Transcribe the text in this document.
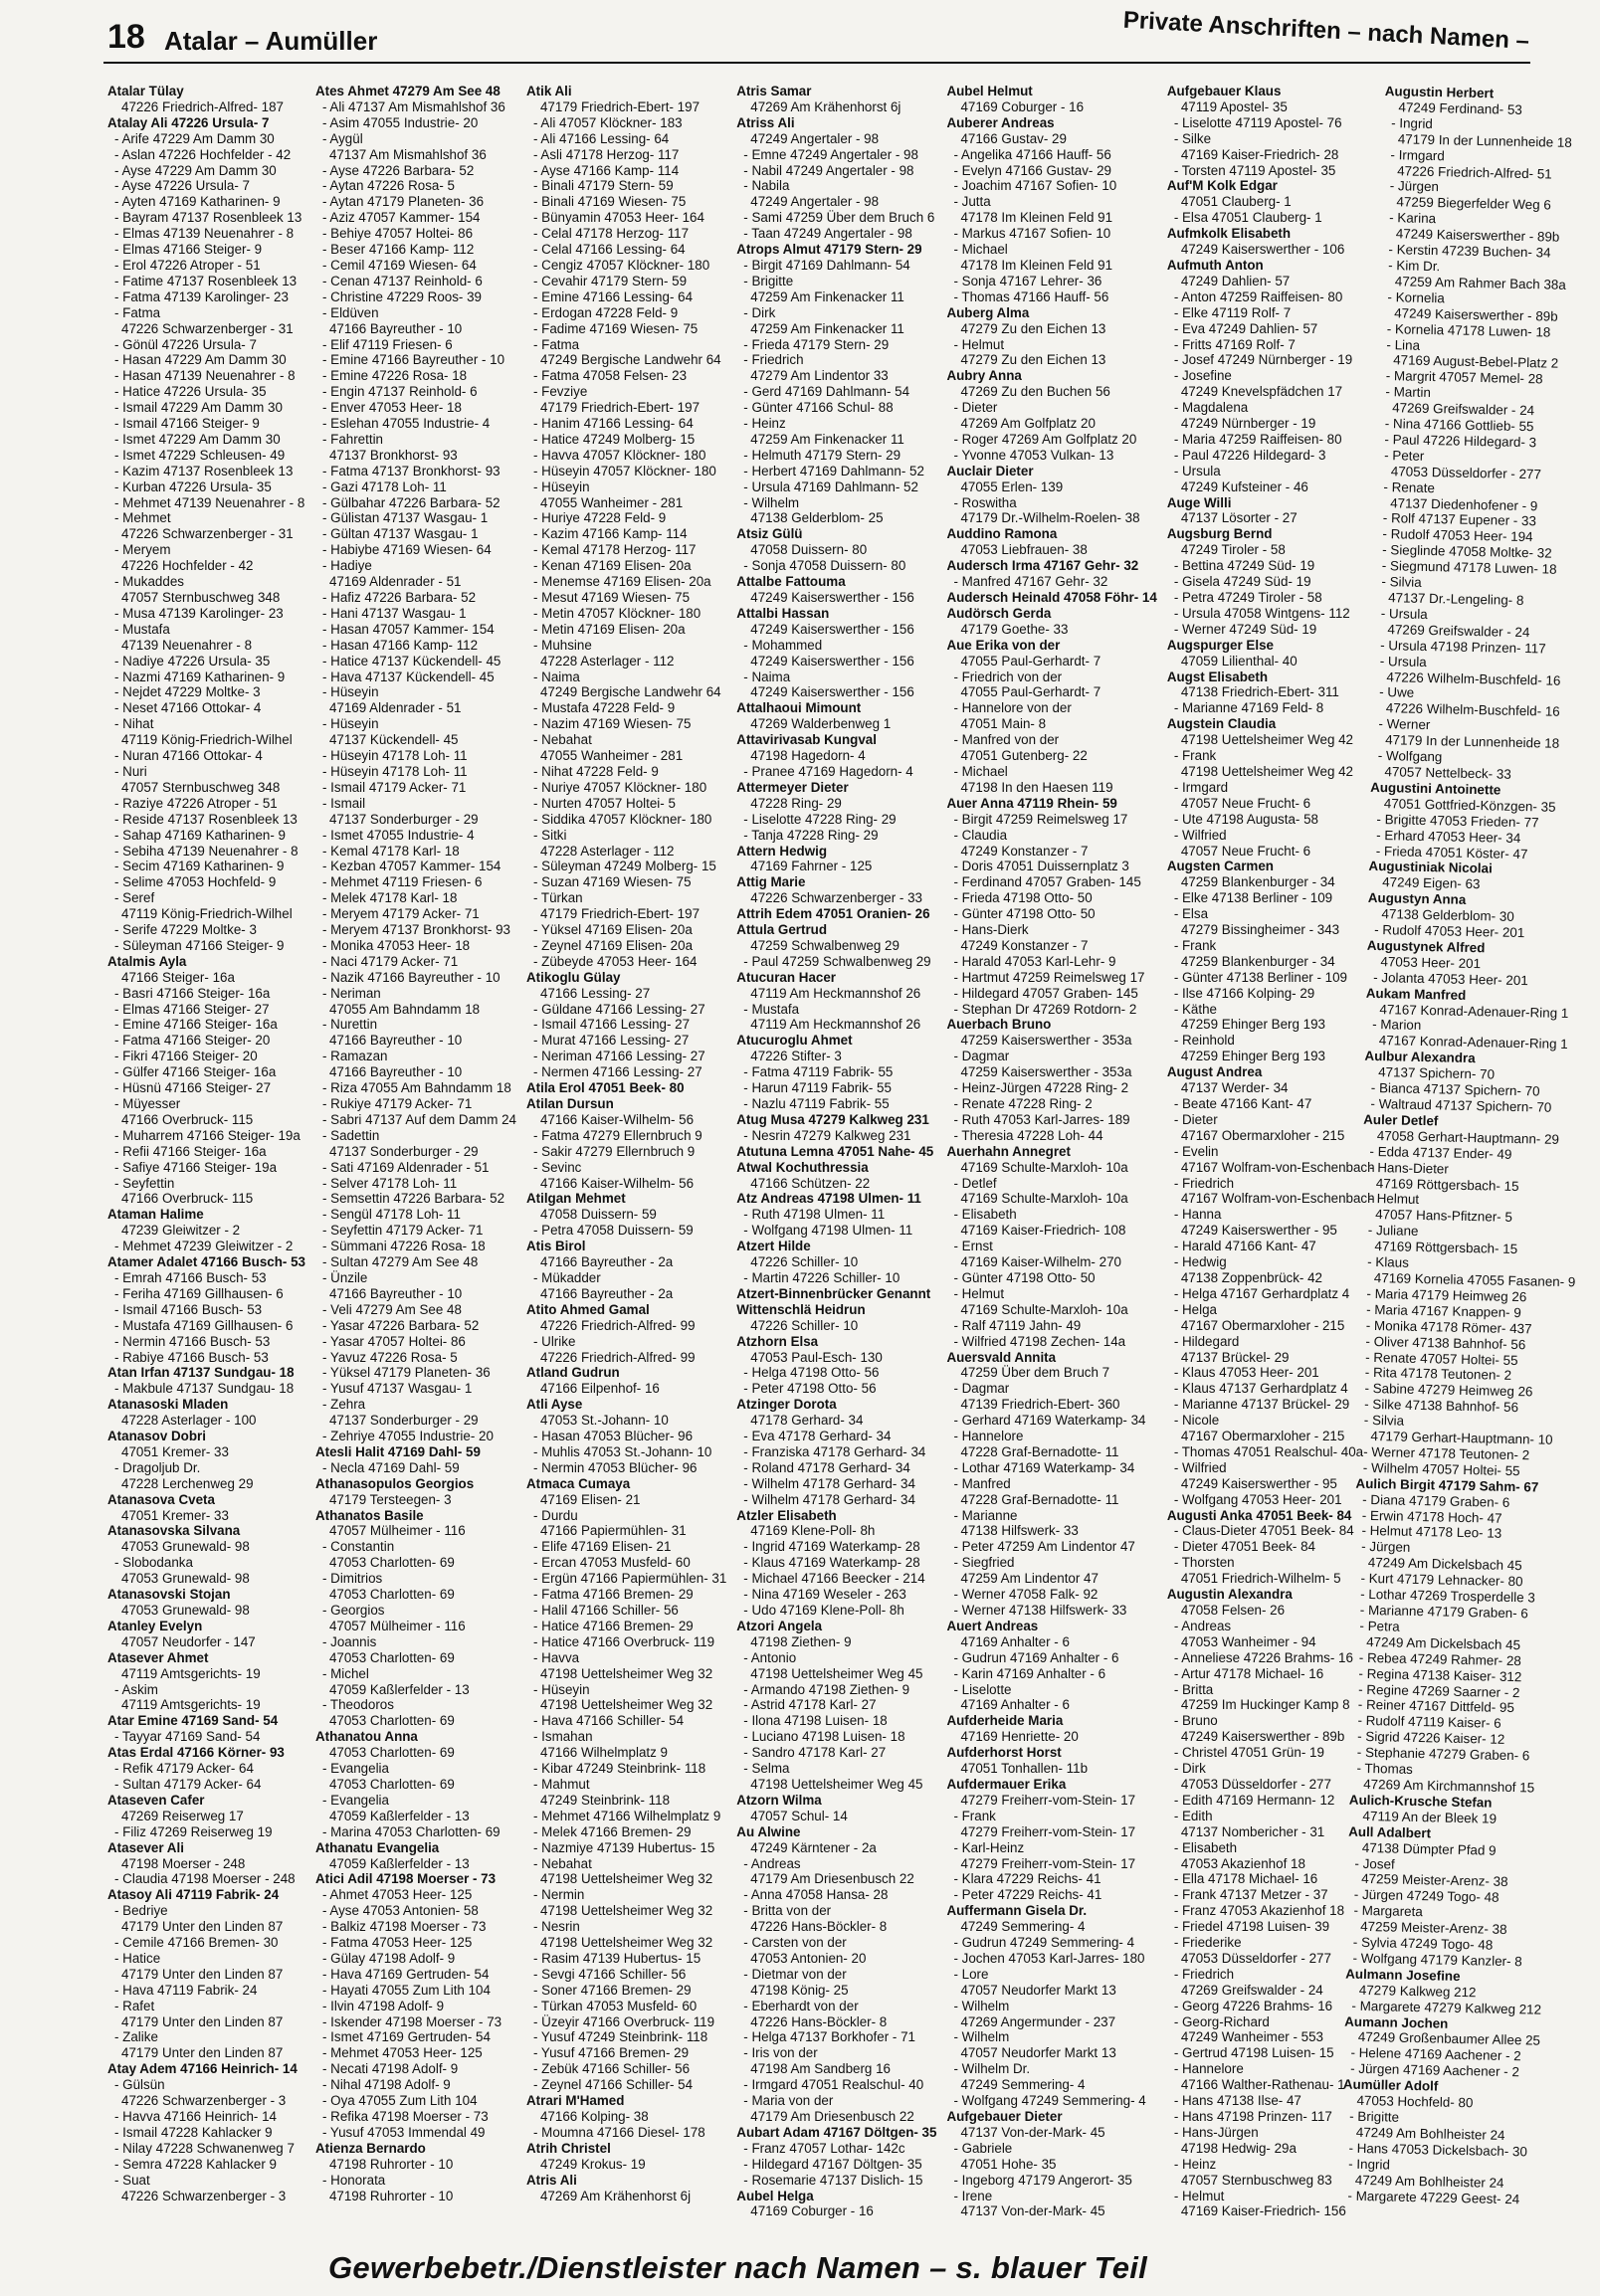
18 Atalar – Aumüller	Private Anschriften – nach Namen –
Atalar Tülay
47226 Friedrich-Alfred- 187
Atalay Ali 47226 Ursula- 7
- Arife 47229 Am Damm 30
- Aslan 47226 Hochfelder - 42
- Ayse 47229 Am Damm 30
- Ayse 47226 Ursula- 7
- Ayten 47169 Katharinen- 9
- Bayram 47137 Rosenbleek 13
- Elmas 47139 Neuenahrer - 8
- Elmas 47166 Steiger- 9
- Erol 47226 Atroper - 51
- Fatime 47137 Rosenbleek 13
- Fatma 47139 Karolinger- 23
- Fatma
47226 Schwarzenberger - 31
- Gönül 47226 Ursula- 7
- Hasan 47229 Am Damm 30
- Hasan 47139 Neuenahrer - 8
- Hatice 47226 Ursula- 35
- Ismail 47229 Am Damm 30
- Ismail 47166 Steiger- 9
- Ismet 47229 Am Damm 30
- Ismet 47229 Schleusen- 49
- Kazim 47137 Rosenbleek 13
- Kurban 47226 Ursula- 35
- Mehmet 47139 Neuenahrer - 8
- Mehmet
47226 Schwarzenberger - 31
- Meryem
47226 Hochfelder - 42
- Mukaddes
47057 Sternbuschweg 348
- Musa 47139 Karolinger- 23
- Mustafa
47139 Neuenahrer - 8
- Nadiye 47226 Ursula- 35
- Nazmi 47169 Katharinen- 9
- Nejdet 47229 Moltke- 3
- Neset 47166 Ottokar- 4
- Nihat
47119 König-Friedrich-Wilhel
- Nuran 47166 Ottokar- 4
- Nuri
47057 Sternbuschweg 348
- Raziye 47226 Atroper - 51
- Reside 47137 Rosenbleek 13
- Sahap 47169 Katharinen- 9
- Sebiha 47139 Neuenahrer - 8
- Secim 47169 Katharinen- 9
- Selime 47053 Hochfeld- 9
- Seref
47119 König-Friedrich-Wilhel
- Serife 47229 Moltke- 3
- Süleyman 47166 Steiger- 9
Atalmis Ayla
47166 Steiger- 16a
- Basri 47166 Steiger- 16a
- Elmas 47166 Steiger- 27
- Emine 47166 Steiger- 16a
- Fatma 47166 Steiger- 20
- Fikri 47166 Steiger- 20
- Gülfer 47166 Steiger- 16a
- Hüsnü 47166 Steiger- 27
- Müyesser
47166 Overbruck- 115
- Muharrem 47166 Steiger- 19a
- Refii 47166 Steiger- 16a
- Safiye 47166 Steiger- 19a
- Seyfettin
47166 Overbruck- 115
Ataman Halime
47239 Gleiwitzer - 2
- Mehmet 47239 Gleiwitzer - 2
Atamer Adalet 47166 Busch- 53
- Emrah 47166 Busch- 53
- Feriha 47169 Gillhausen- 6
- Ismail 47166 Busch- 53
- Mustafa 47169 Gillhausen- 6
- Nermin 47166 Busch- 53
- Rabiye 47166 Busch- 53
Atan Irfan 47137 Sundgau- 18
- Makbule 47137 Sundgau- 18
Atanasoski Mladen
47228 Asterlager - 100
Atanasov Dobri
47051 Kremer- 33
- Dragoljub Dr.
47228 Lerchenweg 29
Atanasova Cveta
47051 Kremer- 33
Atanasovska Silvana
47053 Grunewald- 98
- Slobodanka
47053 Grunewald- 98
Atanasovski Stojan
47053 Grunewald- 98
Atanley Evelyn
47057 Neudorfer - 147
Atasever Ahmet
47119 Amtsgerichts- 19
- Askim
47119 Amtsgerichts- 19
Atar Emine 47169 Sand- 54
- Tayyar 47169 Sand- 54
Atas Erdal 47166 Körner- 93
- Refik 47179 Acker- 64
- Sultan 47179 Acker- 64
Ataseven Cafer
47269 Reiserweg 17
- Filiz 47269 Reiserweg 19
Atasever Ali
47198 Moerser - 248
- Claudia 47198 Moerser - 248
Atasoy Ali 47119 Fabrik- 24
- Bedriye
47179 Unter den Linden 87
- Cemile 47166 Bremen- 30
- Hatice
47179 Unter den Linden 87
- Hava 47119 Fabrik- 24
- Rafet
47179 Unter den Linden 87
- Zalike
47179 Unter den Linden 87
Atay Adem 47166 Heinrich- 14
- Gülsün
47226 Schwarzenberger - 3
- Havva 47166 Heinrich- 14
- Ismail 47228 Kahlacker 9
- Nilay 47228 Schwanenweg 7
- Semra 47228 Kahlacker 9
- Suat
47226 Schwarzenberger - 3
Ates Ahmet 47279 Am See 48
- Ali 47137 Am Mismahlshof 36
- Asim 47055 Industrie- 20
- Aygül
47137 Am Mismahlshof 36
- Ayse 47226 Barbara- 52
- Aytan 47226 Rosa- 5
- Aytan 47179 Planeten- 36
- Aziz 47057 Kammer- 154
- Behiye 47057 Holtei- 86
- Beser 47166 Kamp- 112
- Cemil 47169 Wiesen- 64
- Cenan 47137 Reinhold- 6
- Christine 47229 Roos- 39
- Eldüven
47166 Bayreuther - 10
- Elif 47119 Friesen- 6
- Emine 47166 Bayreuther - 10
- Emine 47226 Rosa- 18
- Engin 47137 Reinhold- 6
- Enver 47053 Heer- 18
- Eslehan 47055 Industrie- 4
- Fahrettin
47137 Bronkhorst- 93
- Fatma 47137 Bronkhorst- 93
- Gazi 47178 Loh- 11
- Gülbahar 47226 Barbara- 52
- Gülistan 47137 Wasgau- 1
- Gültan 47137 Wasgau- 1
- Habiybe 47169 Wiesen- 64
- Hadiye
47169 Aldenrader - 51
- Hafiz 47226 Barbara- 52
- Hani 47137 Wasgau- 1
- Hasan 47057 Kammer- 154
- Hasan 47166 Kamp- 112
- Hatice 47137 Kückendell- 45
- Hava 47137 Kückendell- 45
- Hüseyin
47169 Aldenrader - 51
- Hüseyin
47137 Kückendell- 45
- Hüseyin 47178 Loh- 11
- Hüseyin 47178 Loh- 11
- Ismail 47179 Acker- 71
- Ismail
47137 Sonderburger - 29
- Ismet 47055 Industrie- 4
- Kemal 47178 Karl- 18
- Kezban 47057 Kammer- 154
- Mehmet 47119 Friesen- 6
- Melek 47178 Karl- 18
- Meryem 47179 Acker- 71
- Meryem 47137 Bronkhorst- 93
- Monika 47053 Heer- 18
- Naci 47179 Acker- 71
- Nazik 47166 Bayreuther - 10
- Neriman
47055 Am Bahndamm 18
- Nurettin
47166 Bayreuther - 10
- Ramazan
47166 Bayreuther - 10
- Riza 47055 Am Bahndamm 18
- Rukiye 47179 Acker- 71
- Sabri 47137 Auf dem Damm 24
- Sadettin
47137 Sonderburger - 29
- Sati 47169 Aldenrader - 51
- Selver 47178 Loh- 11
- Semsettin 47226 Barbara- 52
- Sengül 47178 Loh- 11
- Seyfettin 47179 Acker- 71
- Sümmani 47226 Rosa- 18
- Sultan 47279 Am See 48
- Ünzile
47166 Bayreuther - 10
- Veli 47279 Am See 48
- Yasar 47226 Barbara- 52
- Yasar 47057 Holtei- 86
- Yavuz 47226 Rosa- 5
- Yüksel 47179 Planeten- 36
- Yusuf 47137 Wasgau- 1
- Zehra
47137 Sonderburger - 29
- Zehriye 47055 Industrie- 20
Atesli Halit 47169 Dahl- 59
- Necla 47169 Dahl- 59
Athanasopulos Georgios
47179 Tersteegen- 3
Athanatos Basile
47057 Mülheimer - 116
- Constantin
47053 Charlotten- 69
- Dimitrios
47053 Charlotten- 69
- Georgios
47057 Mülheimer - 116
- Joannis
47053 Charlotten- 69
- Michel
47059 Kaßlerfelder - 13
- Theodoros
47053 Charlotten- 69
Athanatou Anna
47053 Charlotten- 69
- Evangelia
47053 Charlotten- 69
- Evangelia
47059 Kaßlerfelder - 13
- Marina 47053 Charlotten- 69
Athanatu Evangelia
47059 Kaßlerfelder - 13
Atici Adil 47198 Moerser - 73
- Ahmet 47053 Heer- 125
- Ayse 47053 Antonien- 58
- Balkiz 47198 Moerser - 73
- Fatma 47053 Heer- 125
- Gülay 47198 Adolf- 9
- Hava 47169 Gertruden- 54
- Hayati 47055 Zum Lith 104
- Ilvin 47198 Adolf- 9
- Iskender 47198 Moerser - 73
- Ismet 47169 Gertruden- 54
- Mehmet 47053 Heer- 125
- Necati 47198 Adolf- 9
- Nihal 47198 Adolf- 9
- Oya 47055 Zum Lith 104
- Refika 47198 Moerser - 73
- Yusuf 47053 Immendal 49
Atienza Bernardo
47198 Ruhrorter - 10
- Honorata
47198 Ruhrorter - 10
Atik Ali
47179 Friedrich-Ebert- 197
- Ali 47057 Klöckner- 183
- Ali 47166 Lessing- 64
- Asli 47178 Herzog- 117
- Ayse 47166 Kamp- 114
- Binali 47179 Stern- 59
- Binali 47169 Wiesen- 75
- Bünyamin 47053 Heer- 164
- Celal 47178 Herzog- 117
- Celal 47166 Lessing- 64
- Cengiz 47057 Klöckner- 180
- Cevahir 47179 Stern- 59
- Emine 47166 Lessing- 64
- Erdogan 47228 Feld- 9
- Fadime 47169 Wiesen- 75
- Fatma
47249 Bergische Landwehr 64
- Fatma 47058 Felsen- 23
- Fevziye
47179 Friedrich-Ebert- 197
- Hanim 47166 Lessing- 64
- Hatice 47249 Molberg- 15
- Havva 47057 Klöckner- 180
- Hüseyin 47057 Klöckner- 180
- Hüseyin
47055 Wanheimer - 281
- Huriye 47228 Feld- 9
- Kazim 47166 Kamp- 114
- Kemal 47178 Herzog- 117
- Kenan 47169 Elisen- 20a
- Menemse 47169 Elisen- 20a
- Mesut 47169 Wiesen- 75
- Metin 47057 Klöckner- 180
- Metin 47169 Elisen- 20a
- Muhsine
47228 Asterlager - 112
- Naima
47249 Bergische Landwehr 64
- Mustafa 47228 Feld- 9
- Nazim 47169 Wiesen- 75
- Nebahat
47055 Wanheimer - 281
- Nihat 47228 Feld- 9
- Nuriye 47057 Klöckner- 180
- Nurten 47057 Holtei- 5
- Siddika 47057 Klöckner- 180
- Sitki
47228 Asterlager - 112
- Süleyman 47249 Molberg- 15
- Suzan 47169 Wiesen- 75
- Türkan
47179 Friedrich-Ebert- 197
- Yüksel 47169 Elisen- 20a
- Zeynel 47169 Elisen- 20a
- Zübeyde 47053 Heer- 164
Atikoglu Gülay
47166 Lessing- 27
- Güldane 47166 Lessing- 27
- Ismail 47166 Lessing- 27
- Murat 47166 Lessing- 27
- Neriman 47166 Lessing- 27
- Nermen 47166 Lessing- 27
Atila Erol 47051 Beek- 80
Atilan Dursun
47166 Kaiser-Wilhelm- 56
- Fatma 47279 Ellernbruch 9
- Sakir 47279 Ellernbruch 9
- Sevinc
47166 Kaiser-Wilhelm- 56
Atilgan Mehmet
47058 Duissern- 59
- Petra 47058 Duissern- 59
Atis Birol
47166 Bayreuther - 2a
- Mükadder
47166 Bayreuther - 2a
Atito Ahmed Gamal
47226 Friedrich-Alfred- 99
- Ulrike
47226 Friedrich-Alfred- 99
Atland Gudrun
47166 Eilpenhof- 16
Atli Ayse
47053 St.-Johann- 10
- Hasan 47053 Blücher- 96
- Muhlis 47053 St.-Johann- 10
- Nermin 47053 Blücher- 96
Atmaca Cumaya
47169 Elisen- 21
- Durdu
47166 Papiermühlen- 31
- Elife 47169 Elisen- 21
- Ercan 47053 Musfeld- 60
- Ergün 47166 Papiermühlen- 31
- Fatma 47166 Bremen- 29
- Halil 47166 Schiller- 56
- Hatice 47166 Bremen- 29
- Hatice 47166 Overbruck- 119
- Havva
47198 Uettelsheimer Weg 32
- Hüseyin
47198 Uettelsheimer Weg 32
- Hava 47166 Schiller- 54
- Ismahan
47166 Wilhelmplatz 9
- Kibar 47249 Steinbrink- 118
- Mahmut
47249 Steinbrink- 118
- Mehmet 47166 Wilhelmplatz 9
- Melek 47166 Bremen- 29
- Nazmiye 47139 Hubertus- 15
- Nebahat
47198 Uettelsheimer Weg 32
- Nermin
47198 Uettelsheimer Weg 32
- Nesrin
47198 Uettelsheimer Weg 32
- Rasim 47139 Hubertus- 15
- Sevgi 47166 Schiller- 56
- Soner 47166 Bremen- 29
- Türkan 47053 Musfeld- 60
- Üzeyir 47166 Overbruck- 119
- Yusuf 47249 Steinbrink- 118
- Yusuf 47166 Bremen- 29
- Zebük 47166 Schiller- 56
- Zeynel 47166 Schiller- 54
Atrari M'Hamed
47166 Kolping- 38
- Moumna 47166 Diesel- 178
Atrih Christel
47249 Krokus- 19
Atris Ali
47269 Am Krähenhorst 6j
Atris Samar
47269 Am Krähenhorst 6j
Atriss Ali
47249 Angertaler - 98
- Emne 47249 Angertaler - 98
- Nabil 47249 Angertaler - 98
- Nabila
47249 Angertaler - 98
- Sami 47259 Über dem Bruch 6
- Taan 47249 Angertaler - 98
Atrops Almut 47179 Stern- 29
- Birgit 47169 Dahlmann- 54
- Brigitte
47259 Am Finkenacker 11
- Dirk
47259 Am Finkenacker 11
- Frieda 47179 Stern- 29
- Friedrich
47279 Am Lindentor 33
- Gerd 47169 Dahlmann- 54
- Günter 47166 Schul- 88
- Heinz
47259 Am Finkenacker 11
- Helmuth 47179 Stern- 29
- Herbert 47169 Dahlmann- 52
- Ursula 47169 Dahlmann- 52
- Wilhelm
47138 Gelderblom- 25
Atsiz Gülü
47058 Duissern- 80
- Sonja 47058 Duissern- 80
Attalbe Fattouma
47249 Kaiserswerther - 156
Attalbi Hassan
47249 Kaiserswerther - 156
- Mohammed
47249 Kaiserswerther - 156
- Naima
47249 Kaiserswerther - 156
Attalhaoui Mimount
47269 Walderbenweg 1
Attavirivasab Kungval
47198 Hagedorn- 4
- Pranee 47169 Hagedorn- 4
Attermeyer Dieter
47228 Ring- 29
- Liselotte 47228 Ring- 29
- Tanja 47228 Ring- 29
Attern Hedwig
47169 Fahrner - 125
Attig Marie
47226 Schwarzenberger - 33
Attrih Edem 47051 Oranien- 26
Attula Gertrud
47259 Schwalbenweg 29
- Paul 47259 Schwalbenweg 29
Atucuran Hacer
47119 Am Heckmannshof 26
- Mustafa
47119 Am Heckmannshof 26
Atucuroglu Ahmet
47226 Stifter- 3
- Fatma 47119 Fabrik- 55
- Harun 47119 Fabrik- 55
- Nazlu 47119 Fabrik- 55
Atug Musa 47279 Kalkweg 231
- Nesrin 47279 Kalkweg 231
Atutuna Lemna 47051 Nahe- 45
Atwal Kochuthressia
47166 Schützen- 22
Atz Andreas 47198 Ulmen- 11
- Ruth 47198 Ulmen- 11
- Wolfgang 47198 Ulmen- 11
Atzert Hilde
47226 Schiller- 10
- Martin 47226 Schiller- 10
Atzert-Binnenbrücker Genannt
Wittenschlä Heidrun
47226 Schiller- 10
Atzhorn Elsa
47053 Paul-Esch- 130
- Helga 47198 Otto- 56
- Peter 47198 Otto- 56
Atzinger Dorota
47178 Gerhard- 34
- Eva 47178 Gerhard- 34
- Franziska 47178 Gerhard- 34
- Roland 47178 Gerhard- 34
- Wilhelm 47178 Gerhard- 34
- Wilhelm 47178 Gerhard- 34
Atzler Elisabeth
47169 Klene-Poll- 8h
- Ingrid 47169 Waterkamp- 28
- Klaus 47169 Waterkamp- 28
- Michael 47166 Beecker - 214
- Nina 47169 Weseler - 263
- Udo 47169 Klene-Poll- 8h
Atzori Angela
47198 Ziethen- 9
- Antonio
47198 Uettelsheimer Weg 45
- Armando 47198 Ziethen- 9
- Astrid 47178 Karl- 27
- Ilona 47198 Luisen- 18
- Luciano 47198 Luisen- 18
- Sandro 47178 Karl- 27
- Selma
47198 Uettelsheimer Weg 45
Atzorn Wilma
47057 Schul- 14
Au Alwine
47249 Kärntener - 2a
- Andreas
47179 Am Driesenbusch 22
- Anna 47058 Hansa- 28
- Britta von der
47226 Hans-Böckler- 8
- Carsten von der
47053 Antonien- 20
- Dietmar von der
47198 König- 25
- Eberhardt von der
47226 Hans-Böckler- 8
- Helga 47137 Borkhofer - 71
- Iris von der
47198 Am Sandberg 16
- Irmgard 47051 Realschul- 40
- Maria von der
47179 Am Driesenbusch 22
Aubart Adam 47167 Döltgen- 35
- Franz 47057 Lothar- 142c
- Hildegard 47167 Döltgen- 35
- Rosemarie 47137 Dislich- 15
Aubel Helga
47169 Coburger - 16
Aubel Helmut
47169 Coburger - 16
Auberer Andreas
47166 Gustav- 29
- Angelika 47166 Hauff- 56
- Evelyn 47166 Gustav- 29
- Joachim 47167 Sofien- 10
- Jutta
47178 Im Kleinen Feld 91
- Markus 47167 Sofien- 10
- Michael
47178 Im Kleinen Feld 91
- Sonja 47167 Lehrer- 36
- Thomas 47166 Hauff- 56
Auberg Alma
47279 Zu den Eichen 13
- Helmut
47279 Zu den Eichen 13
Aubry Anna
47269 Zu den Buchen 56
- Dieter
47269 Am Golfplatz 20
- Roger 47269 Am Golfplatz 20
- Yvonne 47053 Vulkan- 13
Auclair Dieter
47055 Erlen- 139
- Roswitha
47179 Dr.-Wilhelm-Roelen- 38
Auddino Ramona
47053 Liebfrauen- 38
Audersch Irma 47167 Gehr- 32
- Manfred 47167 Gehr- 32
Audersch Heinald 47058 Föhr- 14
Audörsch Gerda
47179 Goethe- 33
Aue Erika von der
47055 Paul-Gerhardt- 7
- Friedrich von der
47055 Paul-Gerhardt- 7
- Hannelore von der
47051 Main- 8
- Manfred von der
47051 Gutenberg- 22
- Michael
47198 In den Haesen 119
Auer Anna 47119 Rhein- 59
- Birgit 47259 Reimelsweg 17
- Claudia
47249 Konstanzer - 7
- Doris 47051 Duissernplatz 3
- Ferdinand 47057 Graben- 145
- Frieda 47198 Otto- 50
- Günter 47198 Otto- 50
- Hans-Dierk
47249 Konstanzer - 7
- Harald 47053 Karl-Lehr- 9
- Hartmut 47259 Reimelsweg 17
- Hildegard 47057 Graben- 145
- Stephan Dr 47269 Rotdorn- 2
Auerbach Bruno
47259 Kaiserswerther - 353a
- Dagmar
47259 Kaiserswerther - 353a
- Heinz-Jürgen 47228 Ring- 2
- Renate 47228 Ring- 2
- Ruth 47053 Karl-Jarres- 189
- Theresia 47228 Loh- 44
Auerhahn Annegret
47169 Schulte-Marxloh- 10a
- Detlef
47169 Schulte-Marxloh- 10a
- Elisabeth
47169 Kaiser-Friedrich- 108
- Ernst
47169 Kaiser-Wilhelm- 270
- Günter 47198 Otto- 50
- Helmut
47169 Schulte-Marxloh- 10a
- Ralf 47119 Jahn- 49
- Wilfried 47198 Zechen- 14a
Auersvald Annita
47259 Über dem Bruch 7
- Dagmar
47139 Friedrich-Ebert- 360
- Gerhard 47169 Waterkamp- 34
- Hannelore
47228 Graf-Bernadotte- 11
- Lothar 47169 Waterkamp- 34
- Manfred
47228 Graf-Bernadotte- 11
- Marianne
47138 Hilfswerk- 33
- Peter 47259 Am Lindentor 47
- Siegfried
47259 Am Lindentor 47
- Werner 47058 Falk- 92
- Werner 47138 Hilfswerk- 33
Auert Andreas
47169 Anhalter - 6
- Gudrun 47169 Anhalter - 6
- Karin 47169 Anhalter - 6
- Liselotte
47169 Anhalter - 6
Aufderheide Maria
47169 Henriette- 20
Aufderhorst Horst
47051 Tonhallen- 11b
Aufdermauer Erika
47279 Freiherr-vom-Stein- 17
- Frank
47279 Freiherr-vom-Stein- 17
- Karl-Heinz
47279 Freiherr-vom-Stein- 17
- Klara 47229 Reichs- 41
- Peter 47229 Reichs- 41
Auffermann Gisela Dr.
47249 Semmering- 4
- Gudrun 47249 Semmering- 4
- Jochen 47053 Karl-Jarres- 180
- Lore
47057 Neudorfer Markt 13
- Wilhelm
47269 Angermunder - 237
- Wilhelm
47057 Neudorfer Markt 13
- Wilhelm Dr.
47249 Semmering- 4
- Wolfgang 47249 Semmering- 4
Aufgebauer Dieter
47137 Von-der-Mark- 45
- Gabriele
47051 Hohe- 35
- Ingeborg 47179 Angerort- 35
- Irene
47137 Von-der-Mark- 45
Aufgebauer Klaus
47119 Apostel- 35
- Liselotte 47119 Apostel- 76
- Silke
47169 Kaiser-Friedrich- 28
- Torsten 47119 Apostel- 35
Auf'M Kolk Edgar
47051 Clauberg- 1
- Elsa 47051 Clauberg- 1
Aufmkolk Elisabeth
47249 Kaiserswerther - 106
Aufmuth Anton
47249 Dahlien- 57
- Anton 47259 Raiffeisen- 80
- Elke 47119 Rolf- 7
- Eva 47249 Dahlien- 57
- Fritts 47169 Rolf- 7
- Josef 47249 Nürnberger - 19
- Josefine
47249 Knevelspfädchen 17
- Magdalena
47249 Nürnberger - 19
- Maria 47259 Raiffeisen- 80
- Paul 47226 Hildegard- 3
- Ursula
47249 Kufsteiner - 46
Auge Willi
47137 Lösorter - 27
Augsburg Bernd
47249 Tiroler - 58
- Bettina 47249 Süd- 19
- Gisela 47249 Süd- 19
- Petra 47249 Tiroler - 58
- Ursula 47058 Wintgens- 112
- Werner 47249 Süd- 19
Augspurger Else
47059 Lilienthal- 40
Augst Elisabeth
47138 Friedrich-Ebert- 311
- Marianne 47169 Feld- 8
Augstein Claudia
47198 Uettelsheimer Weg 42
- Frank
47198 Uettelsheimer Weg 42
- Irmgard
47057 Neue Frucht- 6
- Ute 47198 Augusta- 58
- Wilfried
47057 Neue Frucht- 6
Augsten Carmen
47259 Blankenburger - 34
- Elke 47138 Berliner - 109
- Elsa
47279 Bissingheimer - 343
- Frank
47259 Blankenburger - 34
- Günter 47138 Berliner - 109
- Ilse 47166 Kolping- 29
- Käthe
47259 Ehinger Berg 193
- Reinhold
47259 Ehinger Berg 193
August Andrea
47137 Werder- 34
- Beate 47166 Kant- 47
- Dieter
47167 Obermarxloher - 215
- Evelin
47167 Wolfram-von-Eschenbach
- Friedrich
47167 Wolfram-von-Eschenbach
- Hanna
47249 Kaiserswerther - 95
- Harald 47166 Kant- 47
- Hedwig
47138 Zoppenbrück- 42
- Helga 47167 Gerhardplatz 4
- Helga
47167 Obermarxloher - 215
- Hildegard
47137 Brückel- 29
- Klaus 47053 Heer- 201
- Klaus 47137 Gerhardplatz 4
- Marianne 47137 Brückel- 29
- Nicole
47167 Obermarxloher - 215
- Thomas 47051 Realschul- 40a
- Wilfried
47249 Kaiserswerther - 95
- Wolfgang 47053 Heer- 201
Augusti Anka 47051 Beek- 84
- Claus-Dieter 47051 Beek- 84
- Dieter 47051 Beek- 84
- Thorsten
47051 Friedrich-Wilhelm- 5
Augustin Alexandra
47058 Felsen- 26
- Andreas
47053 Wanheimer - 94
- Anneliese 47226 Brahms- 16
- Artur 47178 Michael- 16
- Britta
47259 Im Huckinger Kamp 8
- Bruno
47249 Kaiserswerther - 89b
- Christel 47051 Grün- 19
- Dirk
47053 Düsseldorfer - 277
- Edith 47169 Hermann- 12
- Edith
47137 Nombericher - 31
- Elisabeth
47053 Akazienhof 18
- Ella 47178 Michael- 16
- Frank 47137 Metzer - 37
- Franz 47053 Akazienhof 18
- Friedel 47198 Luisen- 39
- Friederike
47053 Düsseldorfer - 277
- Friedrich
47269 Greifswalder - 24
- Georg 47226 Brahms- 16
- Georg-Richard
47249 Wanheimer - 553
- Gertrud 47198 Luisen- 15
- Hannelore
47166 Walther-Rathenau- 1
- Hans 47138 Ilse- 47
- Hans 47198 Prinzen- 117
- Hans-Jürgen
47198 Hedwig- 29a
- Heinz
47057 Sternbuschweg 83
- Helmut
47169 Kaiser-Friedrich- 156
Augustin Herbert
47249 Ferdinand- 53
- Ingrid
47179 In der Lunnenheide 18
- Irmgard
47226 Friedrich-Alfred- 51
- Jürgen
47259 Biegerfelder Weg 6
- Karina
47249 Kaiserswerther - 89b
- Kerstin 47239 Buchen- 34
- Kim Dr.
47259 Am Rahmer Bach 38a
- Kornelia
47249 Kaiserswerther - 89b
- Kornelia 47178 Luwen- 18
- Lina
47169 August-Bebel-Platz 2
- Margrit 47057 Memel- 28
- Martin
47269 Greifswalder - 24
- Nina 47166 Gottlieb- 55
- Paul 47226 Hildegard- 3
- Peter
47053 Düsseldorfer - 277
- Renate
47137 Diedenhofener - 9
- Rolf 47137 Eupener - 33
- Rudolf 47053 Heer- 194
- Sieglinde 47058 Moltke- 32
- Siegmund 47178 Luwen- 18
- Silvia
47137 Dr.-Lengeling- 8
- Ursula
47269 Greifswalder - 24
- Ursula 47198 Prinzen- 117
- Ursula
47226 Wilhelm-Buschfeld- 16
- Uwe
47226 Wilhelm-Buschfeld- 16
- Werner
47179 In der Lunnenheide 18
- Wolfgang
47057 Nettelbeck- 33
Augustini Antoinette
47051 Gottfried-Könzgen- 35
- Brigitte 47053 Frieden- 77
- Erhard 47053 Heer- 34
- Frieda 47051 Köster- 47
Augustiniak Nicolai
47249 Eigen- 63
Augustyn Anna
47138 Gelderblom- 30
- Rudolf 47053 Heer- 201
Augustynek Alfred
47053 Heer- 201
- Jolanta 47053 Heer- 201
Aukam Manfred
47167 Konrad-Adenauer-Ring 1
- Marion
47167 Konrad-Adenauer-Ring 1
Aulbur Alexandra
47137 Spichern- 70
- Bianca 47137 Spichern- 70
- Waltraud 47137 Spichern- 70
Auler Detlef
47058 Gerhart-Hauptmann- 29
- Edda 47137 Ender- 49
- Hans-Dieter
47169 Röttgersbach- 15
- Helmut
47057 Hans-Pfitzner- 5
- Juliane
47169 Röttgersbach- 15
- Klaus
47169 Kornelia 47055 Fasanen- 9
- Maria 47179 Heimweg 26
- Maria 47167 Knappen- 9
- Monika 47178 Römer- 437
- Oliver 47138 Bahnhof- 56
- Renate 47057 Holtei- 55
- Rita 47178 Teutonen- 2
- Sabine 47279 Heimweg 26
- Silke 47138 Bahnhof- 56
- Silvia
47179 Gerhart-Hauptmann- 10
- Werner 47178 Teutonen- 2
- Wilhelm 47057 Holtei- 55
Aulich Birgit 47179 Sahm- 67
- Diana 47179 Graben- 6
- Erwin 47178 Hoch- 47
- Helmut 47178 Leo- 13
- Jürgen
47249 Am Dickelsbach 45
- Kurt 47179 Lehnacker- 80
- Lothar 47269 Trosperdelle 3
- Marianne 47179 Graben- 6
- Petra
47249 Am Dickelsbach 45
- Rebea 47249 Rahmer- 28
- Regina 47138 Kaiser- 312
- Regine 47269 Saarner - 2
- Reiner 47167 Dittfeld- 95
- Rudolf 47119 Kaiser- 6
- Sigrid 47226 Kaiser- 12
- Stephanie 47279 Graben- 6
- Thomas
47269 Am Kirchmannshof 15
Aulich-Krusche Stefan
47119 An der Bleek 19
Aull Adalbert
47138 Dümpter Pfad 9
- Josef
47259 Meister-Arenz- 38
- Jürgen 47249 Togo- 48
- Margareta
47259 Meister-Arenz- 38
- Sylvia 47249 Togo- 48
- Wolfgang 47179 Kanzler- 8
Aulmann Josefine
47279 Kalkweg 212
- Margarete 47279 Kalkweg 212
Aumann Jochen
47249 Großenbaumer Allee 25
- Helene 47169 Aachener - 2
- Jürgen 47169 Aachener - 2
Aumüller Adolf
47053 Hochfeld- 80
- Brigitte
47249 Am Bohlheister 24
- Hans 47053 Dickelsbach- 30
- Ingrid
47249 Am Bohlheister 24
- Margarete 47229 Geest- 24
Gewerbebetr./Dienstleister nach Namen – s. blauer Teil
